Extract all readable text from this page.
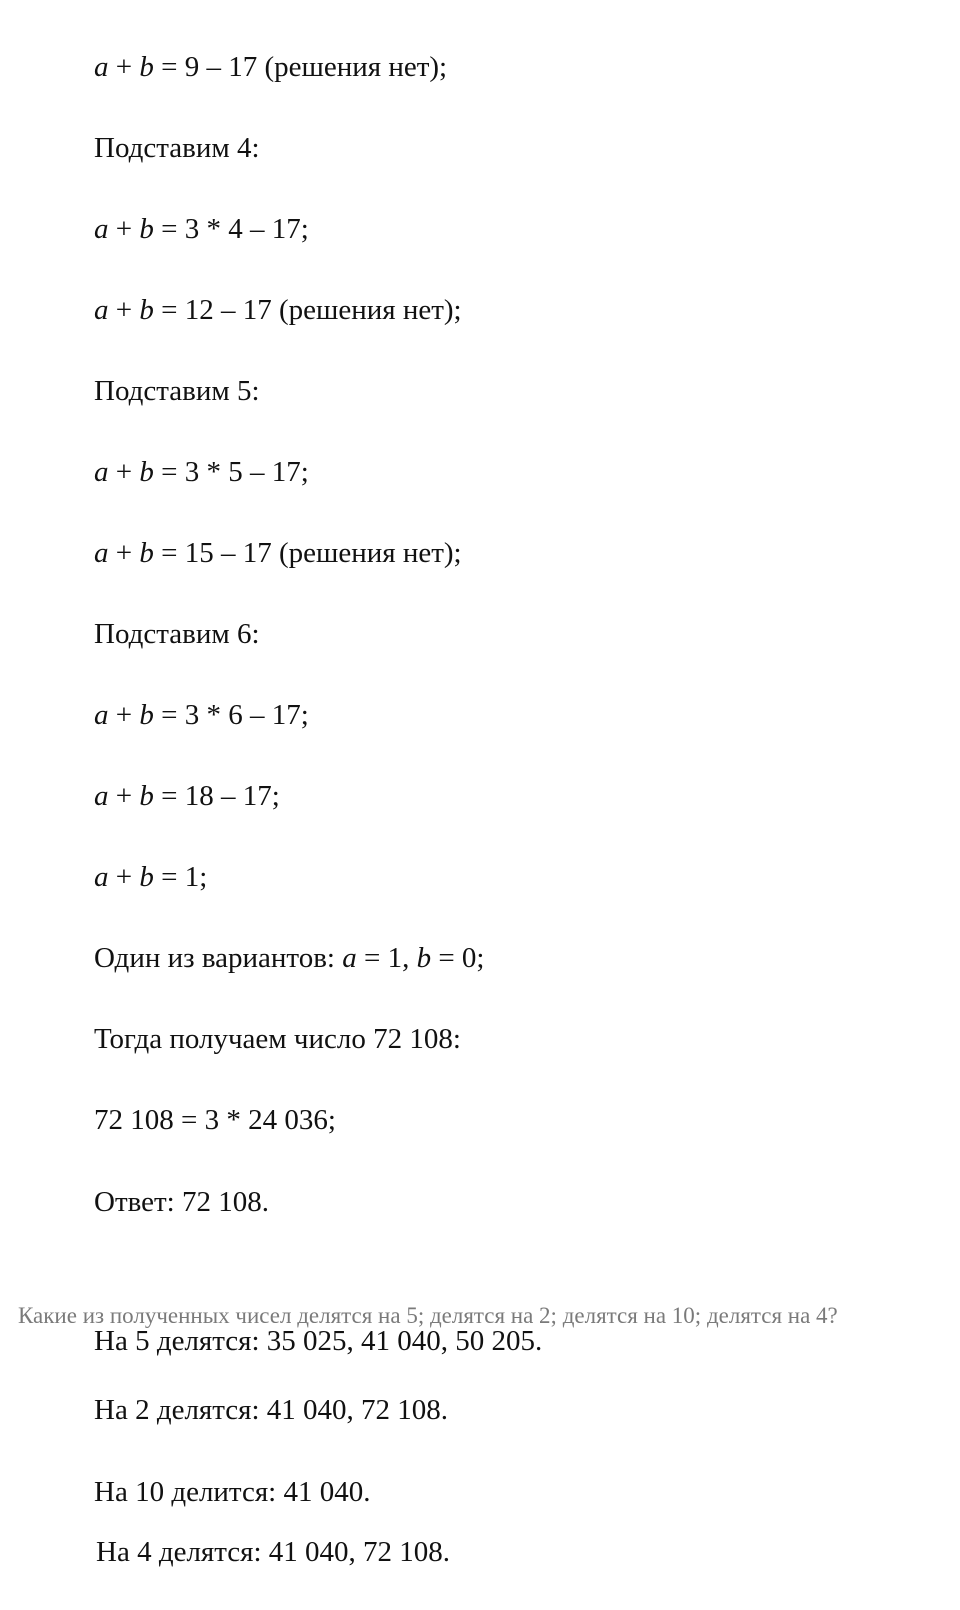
a + b = 9 – 17 (решения нет);
Подставим 4:
a + b = 3 * 4 – 17;
a + b = 12 – 17 (решения нет);
Подставим 5:
a + b = 3 * 5 – 17;
a + b = 15 – 17 (решения нет);
Подставим 6:
a + b = 3 * 6 – 17;
a + b = 18 – 17;
a + b = 1;
Один из вариантов: a = 1, b = 0;
Тогда получаем число 72 108:
72 108 = 3 * 24 036;
Ответ: 72 108.
Какие из полученных чисел делятся на 5; делятся на 2; делятся на 10; делятся на 4?
На 5 делятся: 35 025, 41 040, 50 205.
На 2 делятся: 41 040, 72 108.
На 10 делится: 41 040.
На 4 делятся: 41 040, 72 108.
